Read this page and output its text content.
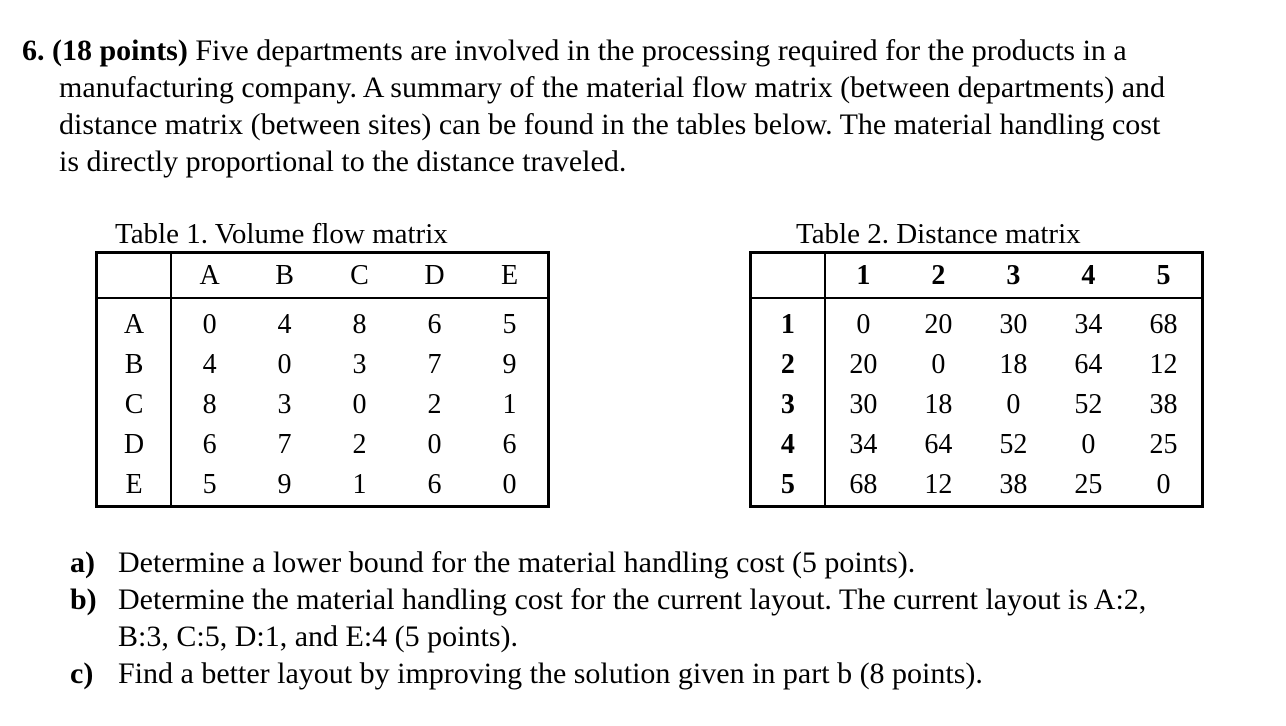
6. (18 points) Five departments are involved in the processing required for the products in a
manufacturing company. A summary of the material flow matrix (between departments) and
distance matrix (between sites) can be found in the tables below. The material handling cost
is directly proportional to the distance traveled.
Table 1. Volume flow matrix	Table 2. Distance matrix
	A	B	C	D	E
A	0	4	8	6	5
B	4	0	3	7	9
C	8	3	0	2	1
D	6	7	2	0	6
E	5	9	1	6	0
	1	2	3	4	5
1	0	20	30	34	68
2	20	0	18	64	12
3	30	18	0	52	38
4	34	64	52	0	25
5	68	12	38	25	0
a) Determine a lower bound for the material handling cost (5 points).
b) Determine the material handling cost for the current layout. The current layout is A:2,
B:3, C:5, D:1, and E:4 (5 points).
c) Find a better layout by improving the solution given in part b (8 points).
